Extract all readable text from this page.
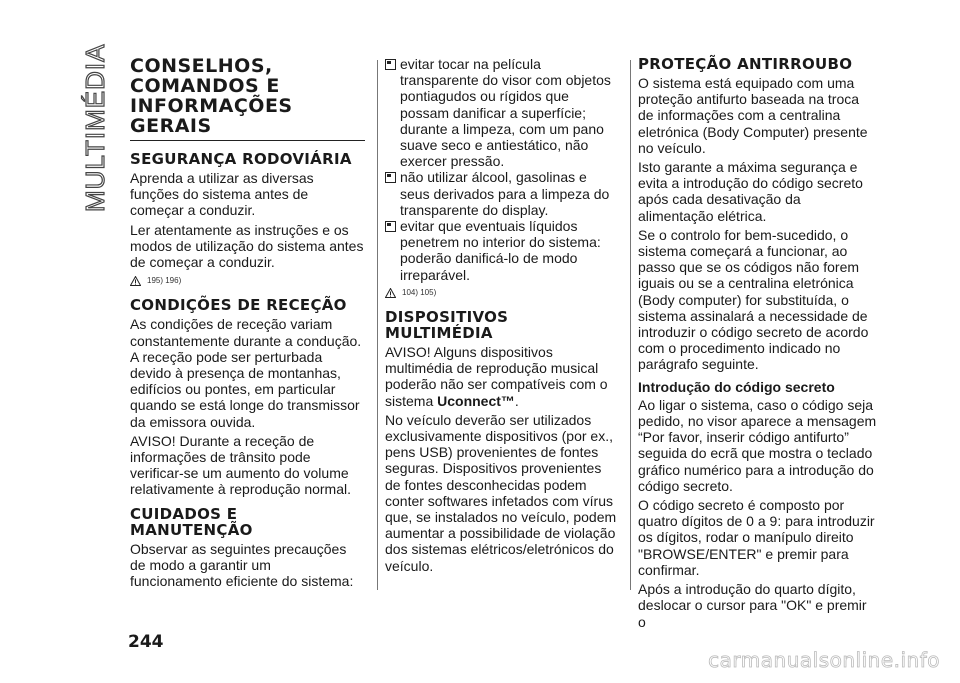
MULTIMÉDIA CONSELHOS, COMANDOS E INFORMAÇÕES GERAIS
SEGURANÇA RODOVIÁRIA

Aprenda a utilizar as diversas funções do sistema antes de começar a conduzir.

Ler atentamente as instruções e os modos de utilização do sistema antes de começar a conduzir.

195) 196)
CONDIÇÕES DE RECEÇÃO

As condições de receção variam constantemente durante a condução. A receção pode ser perturbada devido à presença de montanhas, edifícios ou pontes, em particular quando se está longe do transmissor da emissora ouvida.

AVISO! Durante a receção de informações de trânsito pode verificar-se um aumento do volume relativamente à reprodução normal.

CUIDADOS E MANUTENÇÃO

Observar as seguintes precauções de modo a garantir um funcionamento eficiente do sistema:

evitar tocar na película transparente do visor com objetos pontiagudos ou rígidos que possam danificar a superfície; durante a limpeza, com um pano suave seco e antiestático, não exercer pressão.
não utilizar álcool, gasolinas e seus derivados para a limpeza do transparente do display.
evitar que eventuais líquidos penetrem no interior do sistema: poderão danificá-lo de modo irreparável.
104) 105)
DISPOSITIVOS MULTIMÉDIA

AVISO! Alguns dispositivos multimédia de reprodução musical poderão não ser compatíveis com o sistema Uconnect™.

No veículo deverão ser utilizados exclusivamente dispositivos (por ex., pens USB) provenientes de fontes seguras. Dispositivos provenientes de fontes desconhecidas podem conter softwares infetados com vírus que, se instalados no veículo, podem aumentar a possibilidade de violação dos sistemas elétricos/eletrónicos do veículo.

PROTEÇÃO ANTIRROUBO

O sistema está equipado com uma proteção antifurto baseada na troca de informações com a centralina eletrónica (Body Computer) presente no veículo.

Isto garante a máxima segurança e evita a introdução do código secreto após cada desativação da alimentação elétrica.

Se o controlo for bem-sucedido, o sistema começará a funcionar, ao passo que se os códigos não forem iguais ou se a centralina eletrónica (Body computer) for substituída, o sistema assinalará a necessidade de introduzir o código secreto de acordo com o procedimento indicado no parágrafo seguinte.

Introdução do código secreto

Ao ligar o sistema, caso o código seja pedido, no visor aparece a mensagem “Por favor, inserir código antifurto” seguida do ecrã que mostra o teclado gráfico numérico para a introdução do código secreto.

O código secreto é composto por quatro dígitos de 0 a 9: para introduzir os dígitos, rodar o manípulo direito "BROWSE/ENTER" e premir para confirmar.

Após a introdução do quarto dígito, deslocar o cursor para "OK" e premir o

244
carmanualsonline.info
